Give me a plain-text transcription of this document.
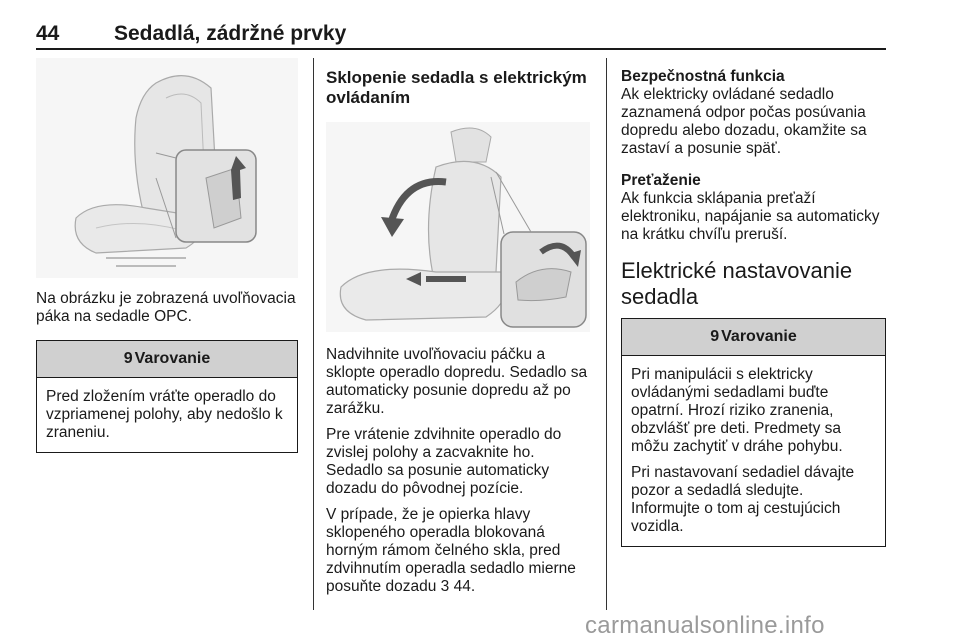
44	Sedadlá, zádržné prvky

Na obrázku je zobrazená uvoľňovacia páka na sedadle OPC.

9 Varovanie

Pred zložením vráťte operadlo do vzpriamenej polohy, aby nedošlo k zraneniu.

Sklopenie sedadla s elektrickým ovládaním

Nadvihnite uvoľňovaciu páčku a sklopte operadlo dopredu. Sedadlo sa automaticky posunie dopredu až po zarážku.

Pre vrátenie zdvihnite operadlo do zvislej polohy a zacvaknite ho. Sedadlo sa posunie automaticky dozadu do pôvodnej pozície.

V prípade, že je opierka hlavy sklopeného operadla blokovaná horným rámom čelného skla, pred zdvihnutím operadla sedadlo mierne posuňte dozadu 3 44.

Bezpečnostná funkcia

Ak elektricky ovládané sedadlo zaznamená odpor počas posúvania dopredu alebo dozadu, okamžite sa zastaví a posunie späť.

Preťaženie

Ak funkcia sklápania preťaží elektroniku, napájanie sa automaticky na krátku chvíľu preruší.

Elektrické nastavovanie sedadla
9 Varovanie

Pri manipulácii s elektricky ovládanými sedadlami buďte opatrní. Hrozí riziko zranenia, obzvlášť pre deti. Predmety sa môžu zachytiť v dráhe pohybu.

Pri nastavovaní sedadiel dávajte pozor a sedadlá sledujte. Informujte o tom aj cestujúcich vozidla.

carmanualsonline.info
